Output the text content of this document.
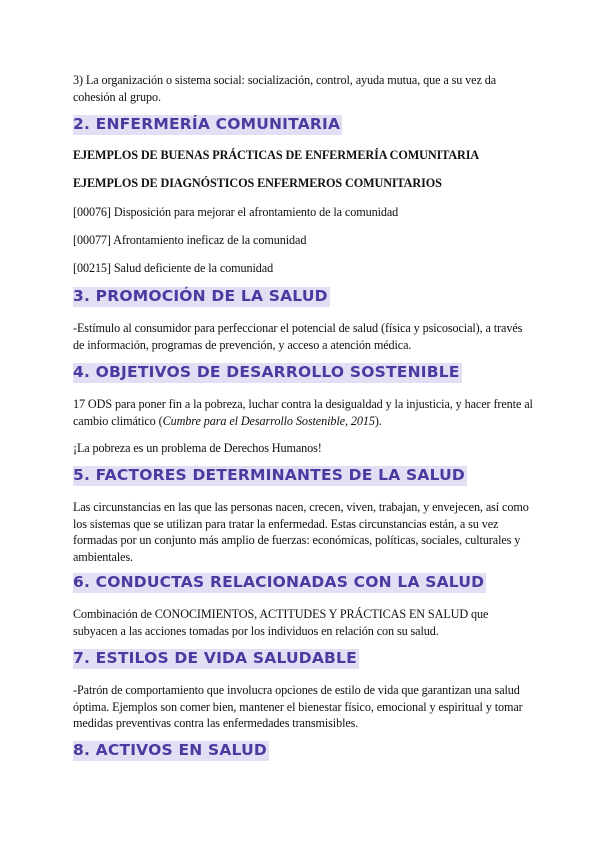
3) La organización o sistema social: socialización, control, ayuda mutua, que a su vez da cohesión al grupo.

2. ENFERMERÍA COMUNITARIA

EJEMPLOS DE BUENAS PRÁCTICAS DE ENFERMERÍA COMUNITARIA

EJEMPLOS DE DIAGNÓSTICOS ENFERMEROS COMUNITARIOS

[00076] Disposición para mejorar el afrontamiento de la comunidad

[00077] Afrontamiento ineficaz de la comunidad

[00215] Salud deficiente de la comunidad

3. PROMOCIÓN DE LA SALUD

-Estímulo al consumidor para perfeccionar el potencial de salud (física y psicosocial), a través de información, programas de prevención, y acceso a atención médica.

4. OBJETIVOS DE DESARROLLO SOSTENIBLE

17 ODS para poner fin a la pobreza, luchar contra la desigualdad y la injusticia, y hacer frente al cambio climático (Cumbre para el Desarrollo Sostenible, 2015).

¡La pobreza es un problema de Derechos Humanos!

5. FACTORES DETERMINANTES DE LA SALUD

Las circunstancias en las que las personas nacen, crecen, viven, trabajan, y envejecen, así como los sistemas que se utilizan para tratar la enfermedad. Estas circunstancias están, a su vez formadas por un conjunto más amplio de fuerzas: económicas, políticas, sociales, culturales y ambientales.

6. CONDUCTAS RELACIONADAS CON LA SALUD

Combinación de CONOCIMIENTOS, ACTITUDES Y PRÁCTICAS EN SALUD que subyacen a las acciones tomadas por los individuos en relación con su salud.

7. ESTILOS DE VIDA SALUDABLE

-Patrón de comportamiento que involucra opciones de estilo de vida que garantizan una salud óptima. Ejemplos son comer bien, mantener el bienestar físico, emocional y espiritual y tomar medidas preventivas contra las enfermedades transmisibles.

8. ACTIVOS EN SALUD
